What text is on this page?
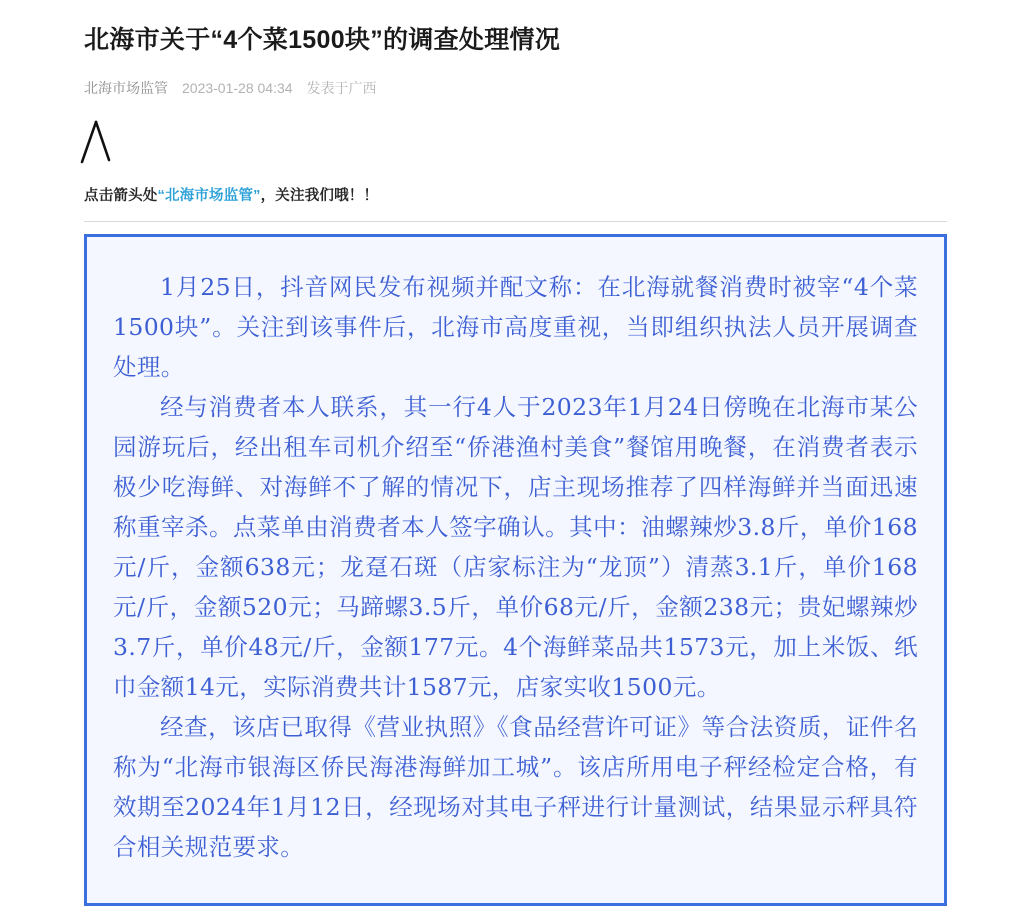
北海市关于“4个菜1500块”的调查处理情况
北海市场监管 2023-01-28 04:34 发表于广西
点击箭头处“北海市场监管”，关注我们哦！！

1月25日，抖音网民发布视频并配文称：在北海就餐消费时被宰“4个菜1500块”。关注到该事件后，北海市高度重视，当即组织执法人员开展调查处理。

经与消费者本人联系，其一行4人于2023年1月24日傍晚在北海市某公园游玩后，经出租车司机介绍至“侨港渔村美食”餐馆用晚餐，在消费者表示极少吃海鲜、对海鲜不了解的情况下，店主现场推荐了四样海鲜并当面迅速称重宰杀。点菜单由消费者本人签字确认。其中：油螺辣炒3.8斤，单价168元/斤，金额638元；龙趸石斑（店家标注为“龙顶”）清蒸3.1斤，单价168元/斤，金额520元；马蹄螺3.5斤，单价68元/斤，金额238元；贵妃螺辣炒3.7斤，单价48元/斤，金额177元。4个海鲜菜品共1573元，加上米饭、纸巾金额14元，实际消费共计1587元，店家实收1500元。

经查，该店已取得《营业执照》《食品经营许可证》等合法资质，证件名称为“北海市银海区侨民海港海鲜加工城”。该店所用电子秤经检定合格，有效期至2024年1月12日，经现场对其电子秤进行计量测试，结果显示秤具符合相关规范要求。
